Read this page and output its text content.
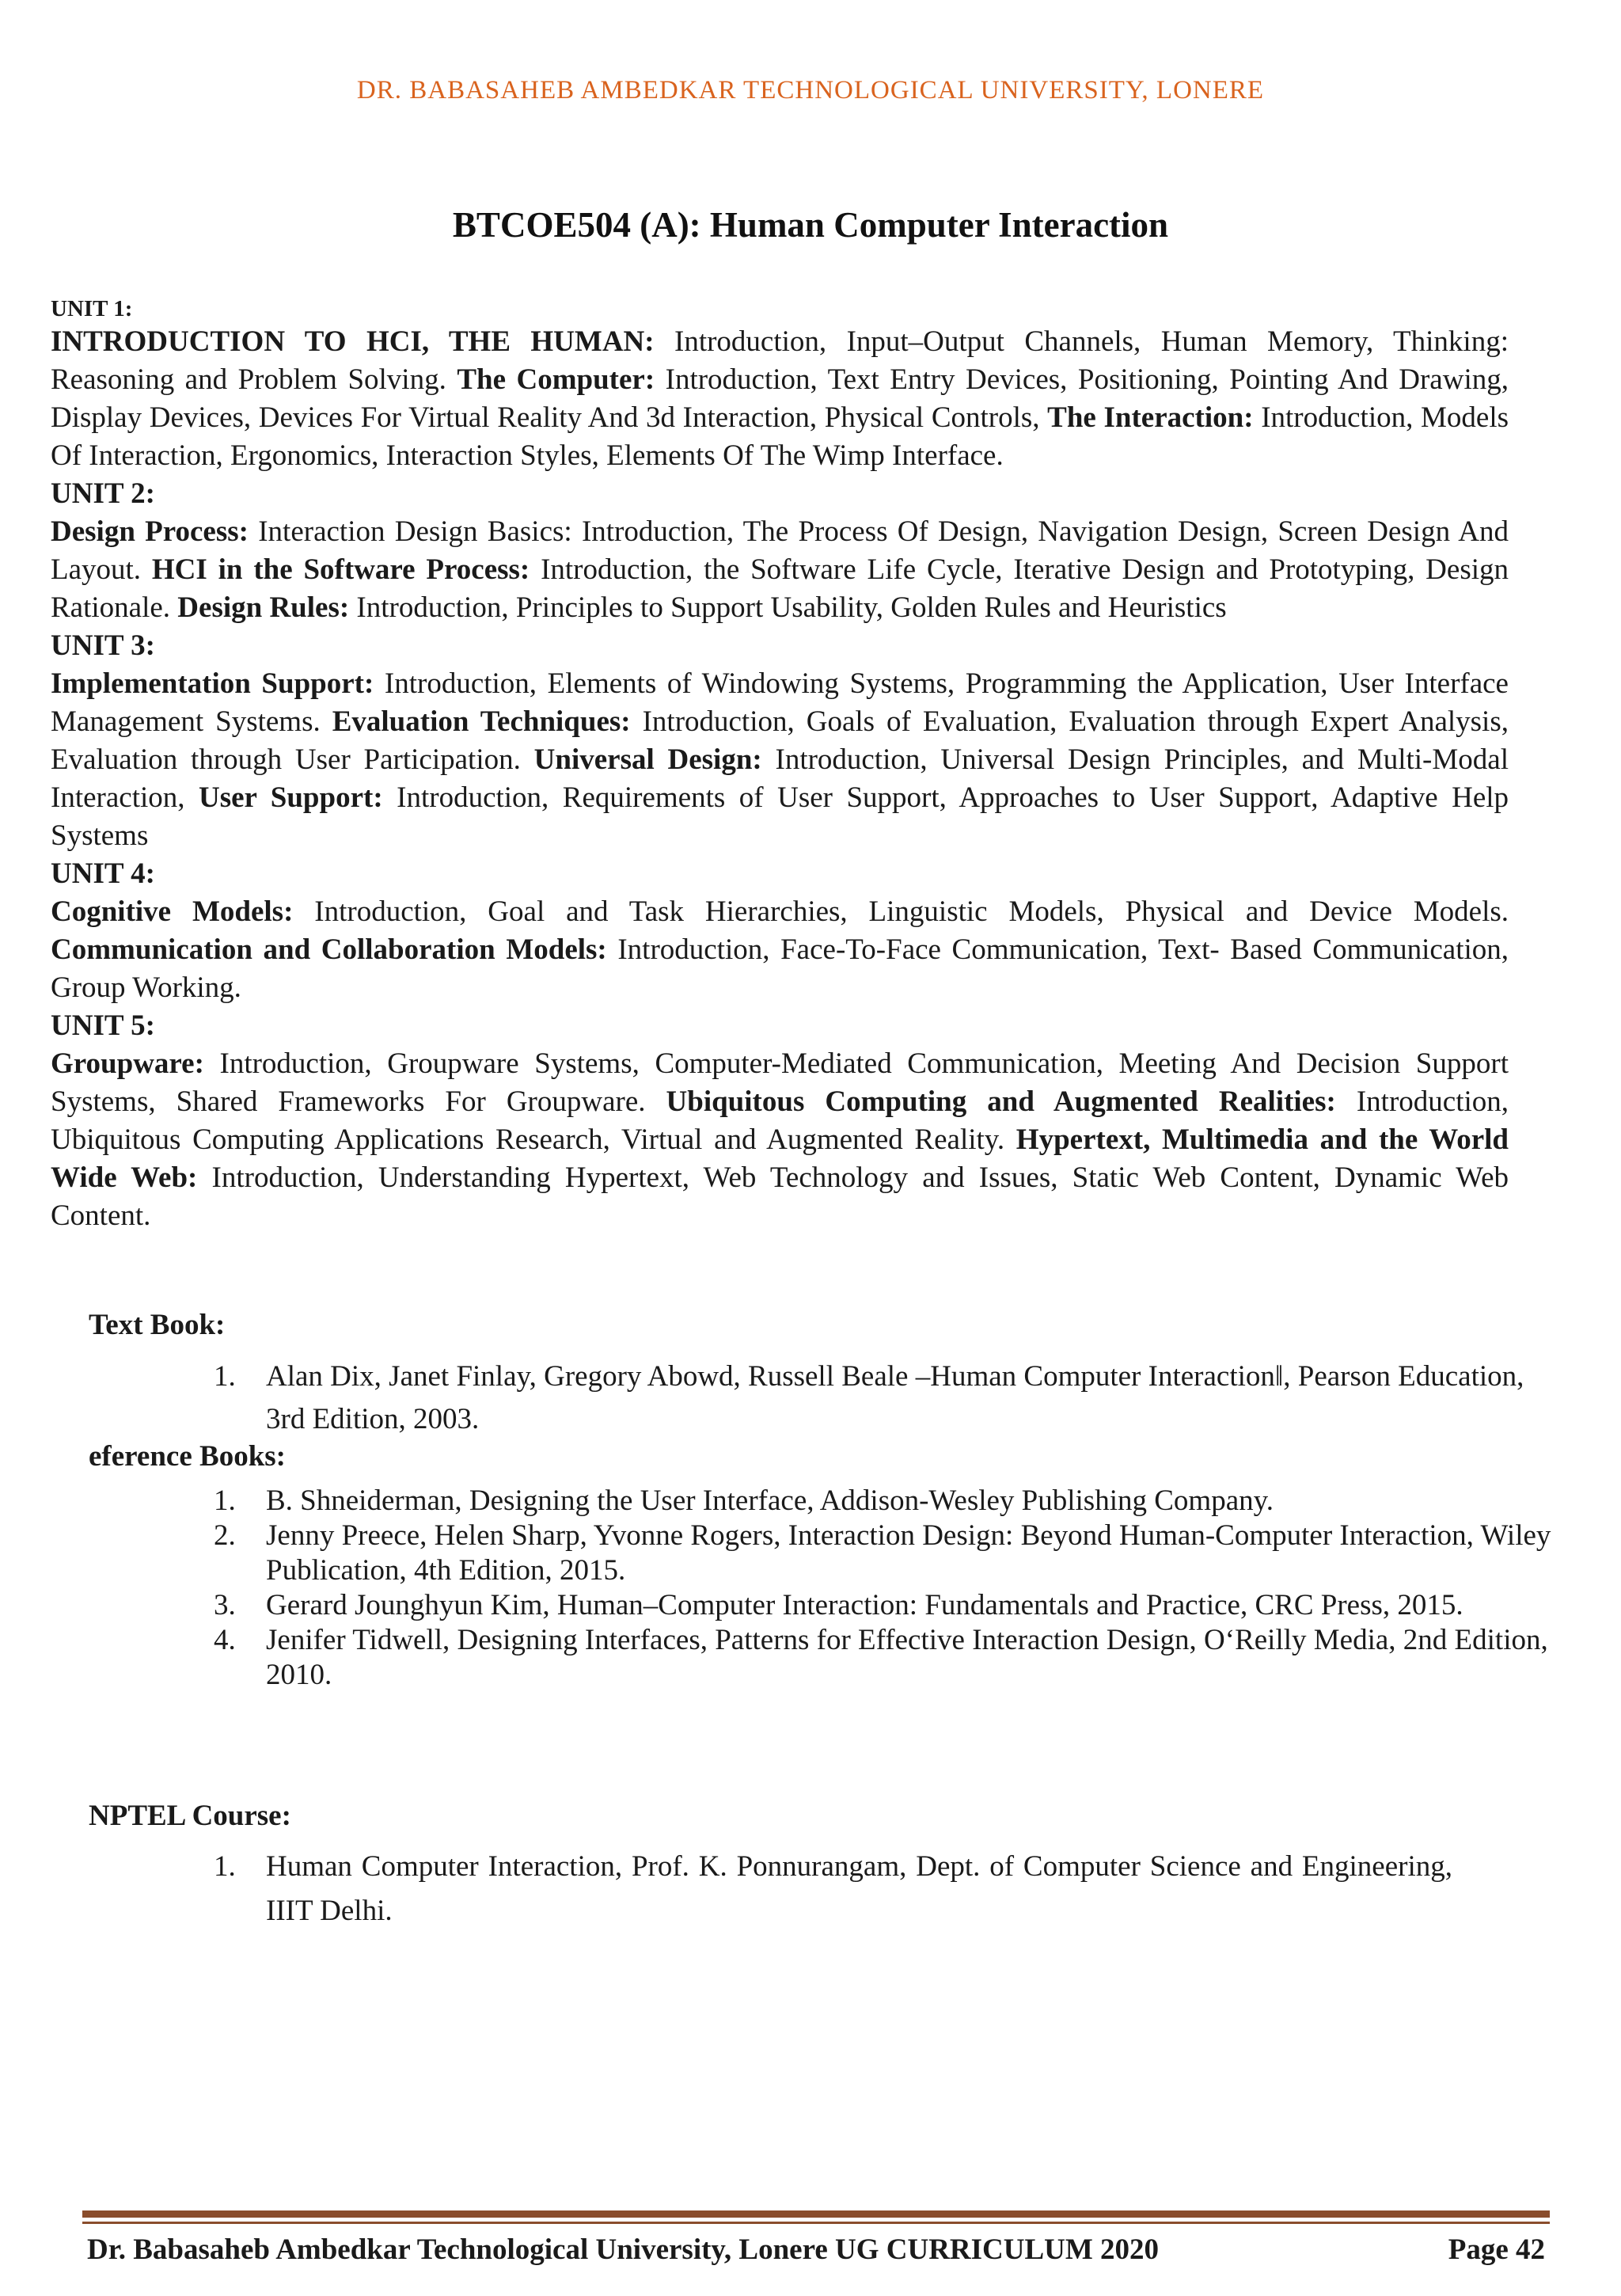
DR. BABASAHEB AMBEDKAR TECHNOLOGICAL UNIVERSITY, LONERE
BTCOE504 (A): Human Computer Interaction
UNIT 1:

INTRODUCTION TO HCI, THE HUMAN: Introduction, Input–Output Channels, Human Memory, Thinking: Reasoning and Problem Solving. The Computer: Introduction, Text Entry Devices, Positioning, Pointing And Drawing, Display Devices, Devices For Virtual Reality And 3d Interaction, Physical Controls, The Interaction: Introduction, Models Of Interaction, Ergonomics, Interaction Styles, Elements Of The Wimp Interface.

UNIT 2:

Design Process: Interaction Design Basics: Introduction, The Process Of Design, Navigation Design, Screen Design And Layout. HCI in the Software Process: Introduction, the Software Life Cycle, Iterative Design and Prototyping, Design Rationale. Design Rules: Introduction, Principles to Support Usability, Golden Rules and Heuristics

UNIT 3:

Implementation Support: Introduction, Elements of Windowing Systems, Programming the Application, User Interface Management Systems. Evaluation Techniques: Introduction, Goals of Evaluation, Evaluation through Expert Analysis, Evaluation through User Participation. Universal Design: Introduction, Universal Design Principles, and Multi-Modal Interaction, User Support: Introduction, Requirements of User Support, Approaches to User Support, Adaptive Help Systems

UNIT 4:

Cognitive Models: Introduction, Goal and Task Hierarchies, Linguistic Models, Physical and Device Models. Communication and Collaboration Models: Introduction, Face-To-Face Communication, Text- Based Communication, Group Working.

UNIT 5:

Groupware: Introduction, Groupware Systems, Computer-Mediated Communication, Meeting And Decision Support Systems, Shared Frameworks For Groupware. Ubiquitous Computing and Augmented Realities: Introduction, Ubiquitous Computing Applications Research, Virtual and Augmented Reality. Hypertext, Multimedia and the World Wide Web: Introduction, Understanding Hypertext, Web Technology and Issues, Static Web Content, Dynamic Web Content.

Text Book:
1. Alan Dix, Janet Finlay, Gregory Abowd, Russell Beale –Human Computer Interaction‖, Pearson Education, 3rd Edition, 2003.
eference Books:
1. B. Shneiderman, Designing the User Interface, Addison-Wesley Publishing Company.
2. Jenny Preece, Helen Sharp, Yvonne Rogers, Interaction Design: Beyond Human-Computer Interaction, Wiley Publication, 4th Edition, 2015.
3. Gerard Jounghyun Kim, Human–Computer Interaction: Fundamentals and Practice, CRC Press, 2015.
4. Jenifer Tidwell, Designing Interfaces, Patterns for Effective Interaction Design, O‘Reilly Media, 2nd Edition, 2010.
NPTEL Course:
1. Human Computer Interaction, Prof. K. Ponnurangam, Dept. of Computer Science and Engineering, IIIT Delhi.
Dr. Babasaheb Ambedkar Technological University, Lonere UG CURRICULUM 2020	Page 42
